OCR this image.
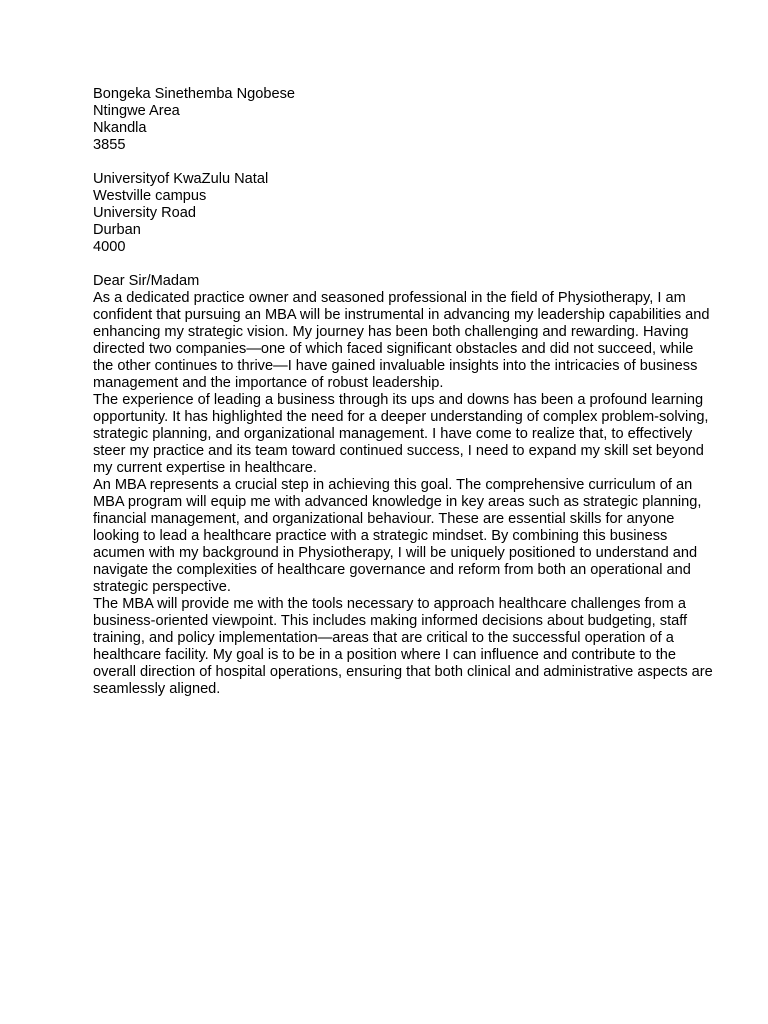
Bongeka Sinethemba Ngobese
Ntingwe Area
Nkandla
3855
Universityof KwaZulu Natal
Westville campus
University Road
Durban
4000

Dear Sir/Madam

As a dedicated practice owner and seasoned professional in the field of Physiotherapy, I am confident that pursuing an MBA will be instrumental in advancing my leadership capabilities and enhancing my strategic vision. My journey has been both challenging and rewarding. Having directed two companies—one of which faced significant obstacles and did not succeed, while the other continues to thrive—I have gained invaluable insights into the intricacies of business management and the importance of robust leadership.

The experience of leading a business through its ups and downs has been a profound learning opportunity. It has highlighted the need for a deeper understanding of complex problem-solving, strategic planning, and organizational management. I have come to realize that, to effectively steer my practice and its team toward continued success, I need to expand my skill set beyond my current expertise in healthcare.

An MBA represents a crucial step in achieving this goal. The comprehensive curriculum of an MBA program will equip me with advanced knowledge in key areas such as strategic planning, financial management, and organizational behaviour. These are essential skills for anyone looking to lead a healthcare practice with a strategic mindset. By combining this business acumen with my background in Physiotherapy, I will be uniquely positioned to understand and navigate the complexities of healthcare governance and reform from both an operational and strategic perspective.

The MBA will provide me with the tools necessary to approach healthcare challenges from a business-oriented viewpoint. This includes making informed decisions about budgeting, staff training, and policy implementation—areas that are critical to the successful operation of a healthcare facility. My goal is to be in a position where I can influence and contribute to the overall direction of hospital operations, ensuring that both clinical and administrative aspects are seamlessly aligned.
